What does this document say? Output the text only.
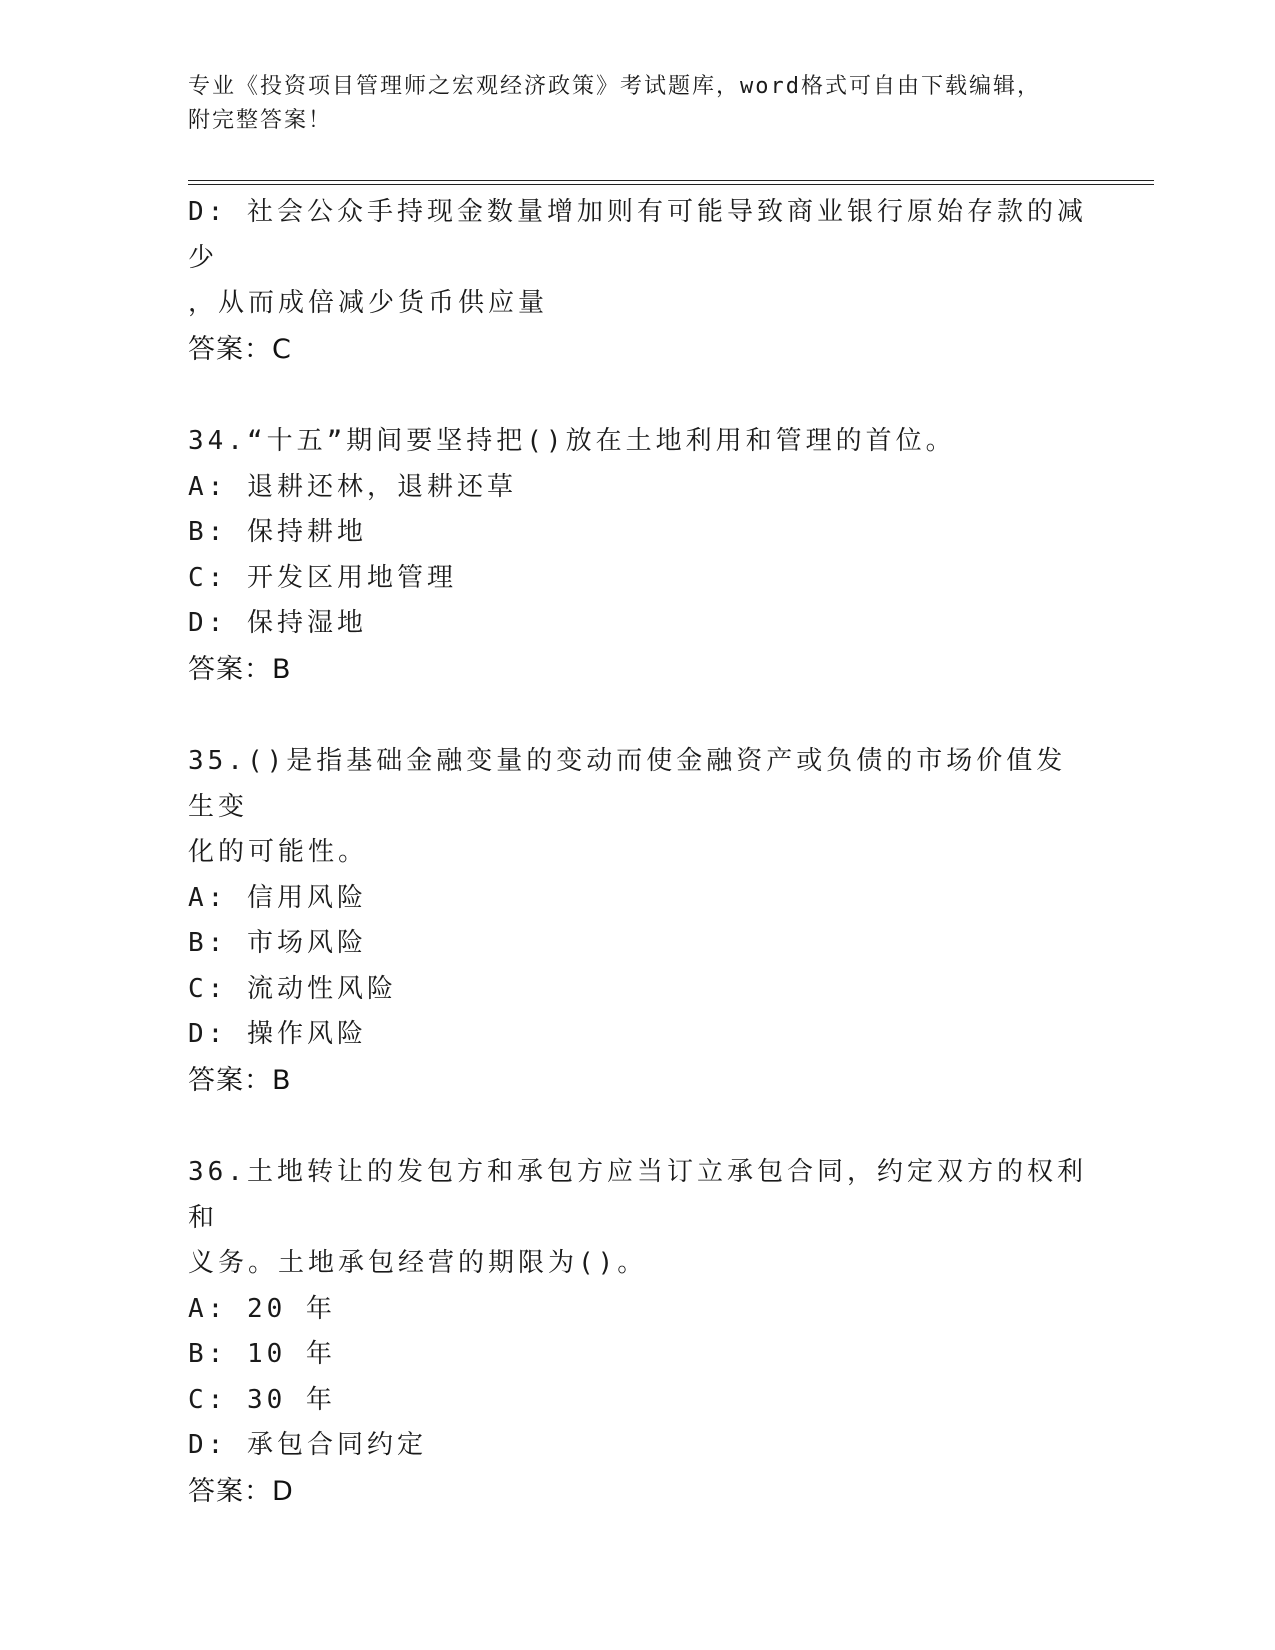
专业《投资项目管理师之宏观经济政策》考试题库，word格式可自由下载编辑，
附完整答案！
D: 社会公众手持现金数量增加则有可能导致商业银行原始存款的减少
，从而成倍减少货币供应量
答案：C
34.“十五”期间要坚持把()放在土地利用和管理的首位。
A: 退耕还林，退耕还草
B: 保持耕地
C: 开发区用地管理
D: 保持湿地
答案：B
35.()是指基础金融变量的变动而使金融资产或负债的市场价值发生变
化的可能性。
A: 信用风险
B: 市场风险
C: 流动性风险
D: 操作风险
答案：B
36.土地转让的发包方和承包方应当订立承包合同，约定双方的权利和
义务。土地承包经营的期限为()。
A: 20 年
B: 10 年
C: 30 年
D: 承包合同约定
答案：D
